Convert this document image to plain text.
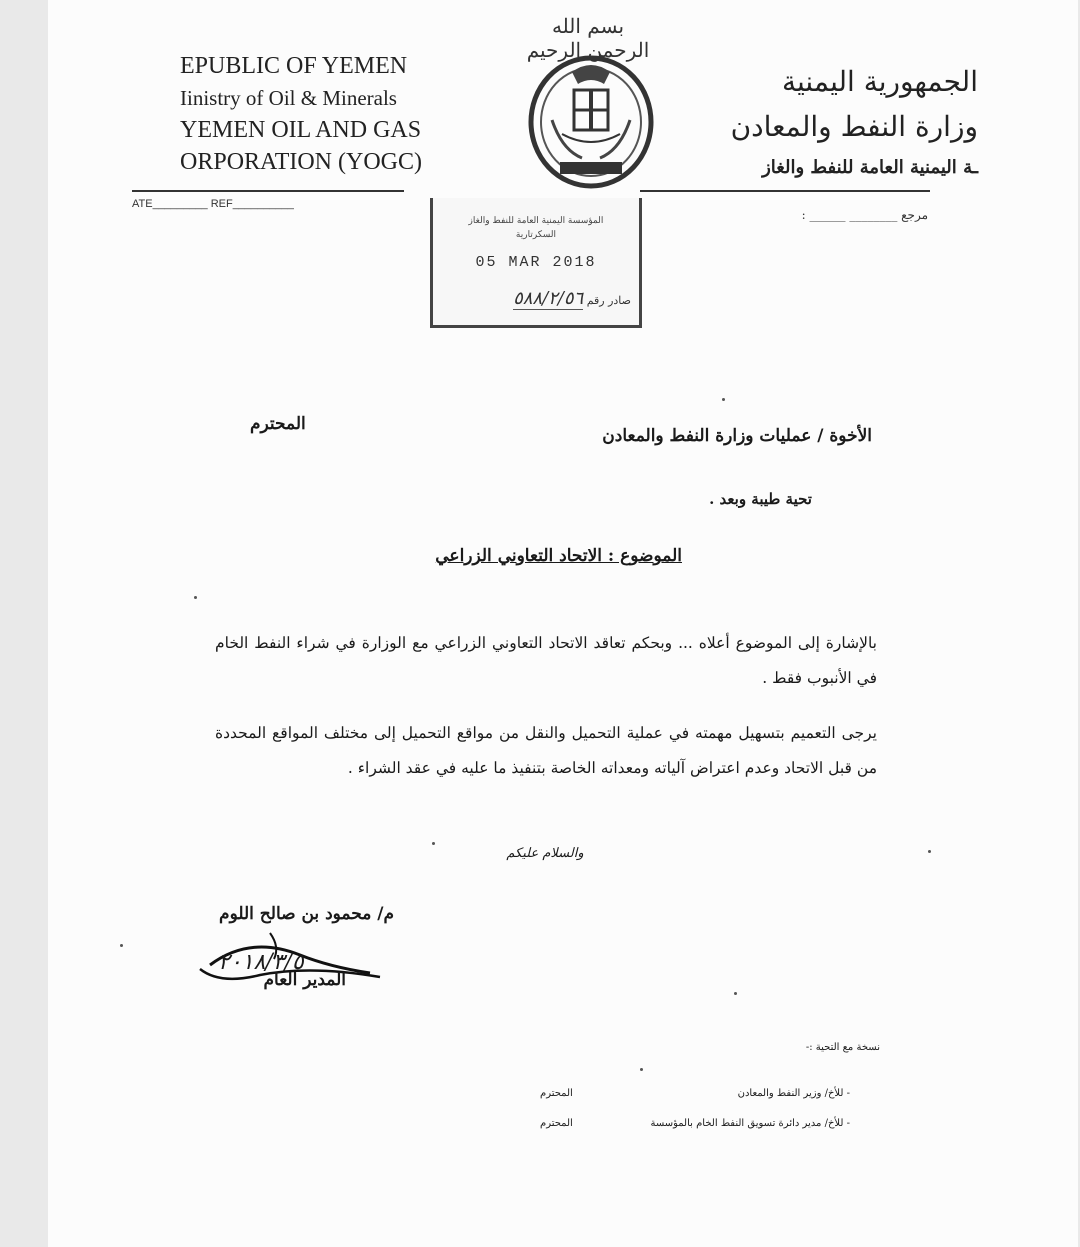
EPUBLIC OF YEMEN
Iinistry of Oil & Minerals
YEMEN OIL AND GAS
ORPORATION (YOGC)
بسم الله الرحمن الرحيم
الجمهورية اليمنية
وزارة النفط والمعادن
ـة اليمنية العامة للنفط والغاز
ATE_________ REF__________
مرجع ________ ______ :
المؤسسة اليمنية العامة للنفط والغاز
السكرتارية
05 MAR 2018
صادر رقم ٥٨٨/٢/٥٦
الأخوة / عمليات وزارة النفط والمعادن
المحترم
تحية طيبة وبعد .
الموضوع : الاتحاد التعاوني الزراعي
بالإشارة إلى الموضوع أعلاه ... وبحكم تعاقد الاتحاد التعاوني الزراعي مع الوزارة في شراء النفط الخام في الأنبوب فقط .
يرجى التعميم بتسهيل مهمته في عملية التحميل والنقل من مواقع التحميل إلى مختلف المواقع المحددة من قبل الاتحاد وعدم اعتراض آلياته ومعداته الخاصة بتنفيذ ما عليه في عقد الشراء .
والسلام عليكم
م/ محمود بن صالح اللوم
٢٠١٨/٣/٥
المدير العام
نسخة مع التحية :-
- للأخ/ وزير النفط والمعادن
المحترم
- للأخ/ مدير دائرة تسويق النفط الخام بالمؤسسة
المحترم
